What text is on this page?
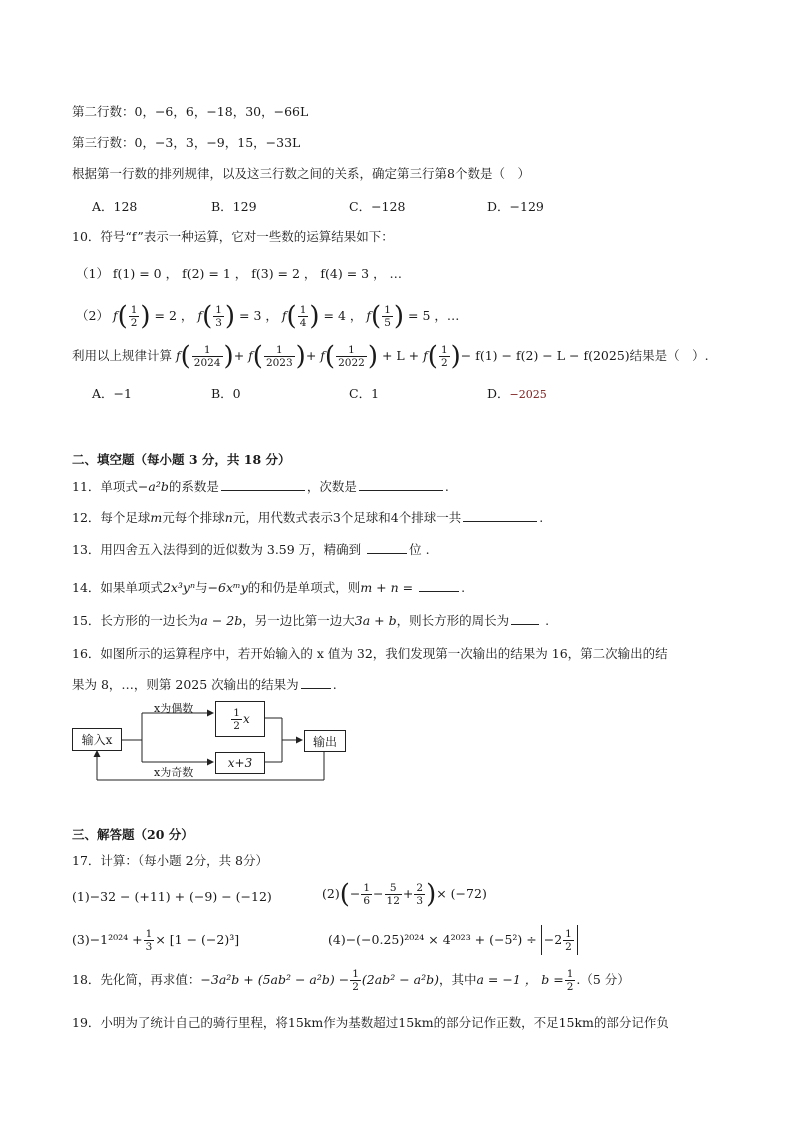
第二行数：0，−6，6，−18，30，−66L
第三行数：0，−3，3，−9，15，−33L
根据第一行数的排列规律，以及这三行数之间的关系，确定第三行第8个数是（　）
A．128	B．129	C．−128	D．−129
10．符号“f”表示一种运算，它对一些数的运算结果如下：
（1） f(1) = 0 ， f(2) = 1 ， f(3) = 2 ， f(4) = 3 ， …
（2） $f( \frac{1}{2}$ ) = 2 ， $f( \frac{1}{3}$ ) = 3 ， $f( \frac{1}{4}$ ) = 4 ， $f( \frac{1}{5}$ ) = 5 ，…
利用以上规律计算 $f( \frac{1}{2024}$ )+ $f( \frac{1}{2023}$ )+ $f( \frac{1}{2022}$ ) + $L + f( \frac{1}{2}$ )− f(1) − f(2) − L − f(2025)结果是（　）.
A．−1	B．0	C．1	D．−2025
二、填空题（每小题 3 分，共 18 分）
11．单项式−a²b的系数是	，次数是	.
12．每个足球m元每个排球n元，用代数式表示3个足球和4个排球一共	.
13．用四舍五入法得到的近似数为 3.59 万，精确到	位 .
14．如果单项式2x³yⁿ与−6xᵐy的和仍是单项式，则m + n =	.
15．长方形的一边长为a − 2b，另一边比第一边大3a + b，则长方形的周长为	.
16．如图所示的运算程序中，若开始输入的 x 值为 32，我们发现第一次输出的结果为 16，第二次输出的结
果为 8，…，则第 2025 次输出的结果为	.
输入x
x为偶数	$\frac{1}{2}$ x
x为奇数
x+3
输出
三、解答题（20 分）
17．计算：（每小题 2分，共 8分）
(1)−32 − (+11) + (−9) − (−12)	$(2)(- \frac{1}{6} - \frac{5}{12} + \frac{2}{3}$ )× (−72)
$(3)-1^{2024} + \frac{1}{3} \times [1 - (-2)^3]$	$(4)-(-0.25)^{2024} \times 4^{2023} + (-5^2) \div -2 \frac{1}{2}$
18．先化简，再求值：$-3a^2b + (5ab^2 - a^2b) - \frac{1}{2} (2ab^2 - a^2b)$，其中a = −1 ， $b = \frac{1}{2} .(5$ 分）
19．小明为了统计自己的骑行里程，将15km作为基数超过15km的部分记作正数，不足15km的部分记作负
